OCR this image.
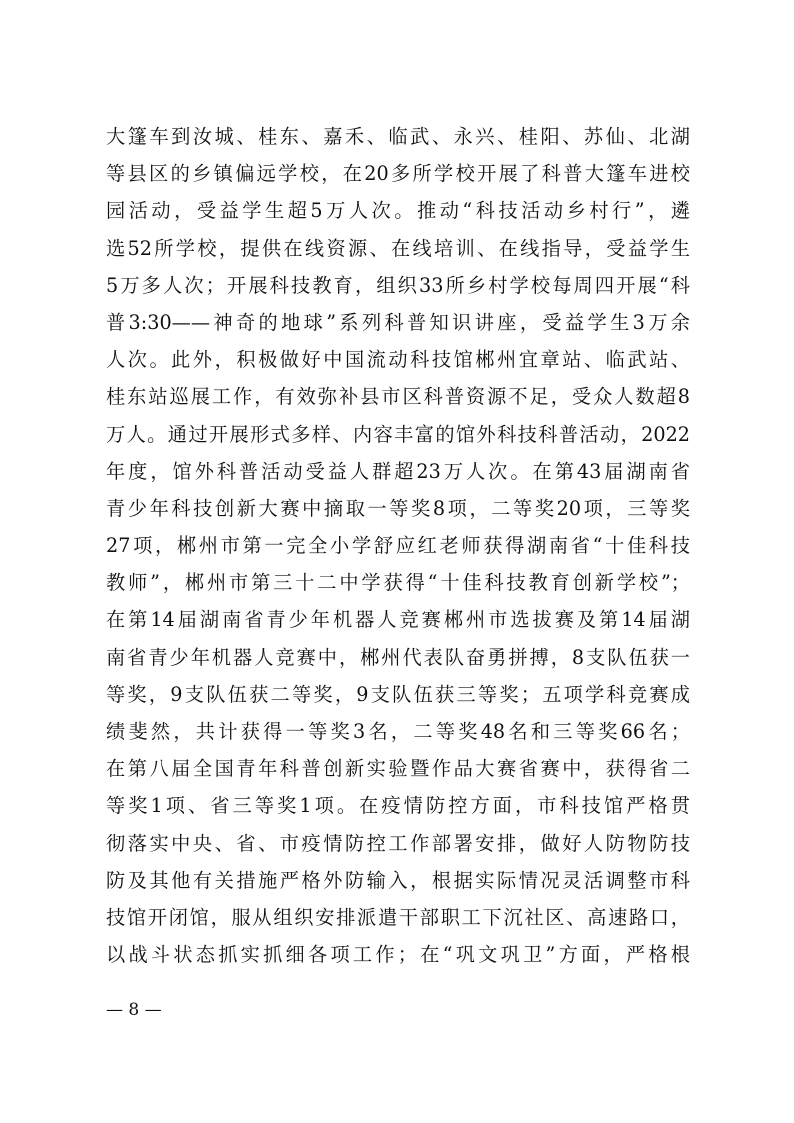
大篷车到汝城、桂东、嘉禾、临武、永兴、桂阳、苏仙、北湖
等县区的乡镇偏远学校，在20多所学校开展了科普大篷车进校
园活动，受益学生超5万人次。推动“科技活动乡村行”，遴
选52所学校，提供在线资源、在线培训、在线指导，受益学生
5万多人次；开展科技教育，组织33所乡村学校每周四开展“科
普3:30——神奇的地球”系列科普知识讲座，受益学生3万余
人次。此外，积极做好中国流动科技馆郴州宜章站、临武站、
桂东站巡展工作，有效弥补县市区科普资源不足，受众人数超8
万人。通过开展形式多样、内容丰富的馆外科技科普活动，2022
年度，馆外科普活动受益人群超23万人次。在第43届湖南省
青少年科技创新大赛中摘取一等奖8项，二等奖20项，三等奖
27项，郴州市第一完全小学舒应红老师获得湖南省“十佳科技
教师”，郴州市第三十二中学获得“十佳科技教育创新学校”；
在第14届湖南省青少年机器人竞赛郴州市选拔赛及第14届湖
南省青少年机器人竞赛中，郴州代表队奋勇拼搏，8支队伍获一
等奖，9支队伍获二等奖，9支队伍获三等奖；五项学科竞赛成
绩斐然，共计获得一等奖3名，二等奖48名和三等奖66名；
在第八届全国青年科普创新实验暨作品大赛省赛中，获得省二
等奖1项、省三等奖1项。在疫情防控方面，市科技馆严格贯
彻落实中央、省、市疫情防控工作部署安排，做好人防物防技
防及其他有关措施严格外防输入，根据实际情况灵活调整市科
技馆开闭馆，服从组织安排派遣干部职工下沉社区、高速路口，
以战斗状态抓实抓细各项工作；在“巩文巩卫”方面，严格根
— 8 —
